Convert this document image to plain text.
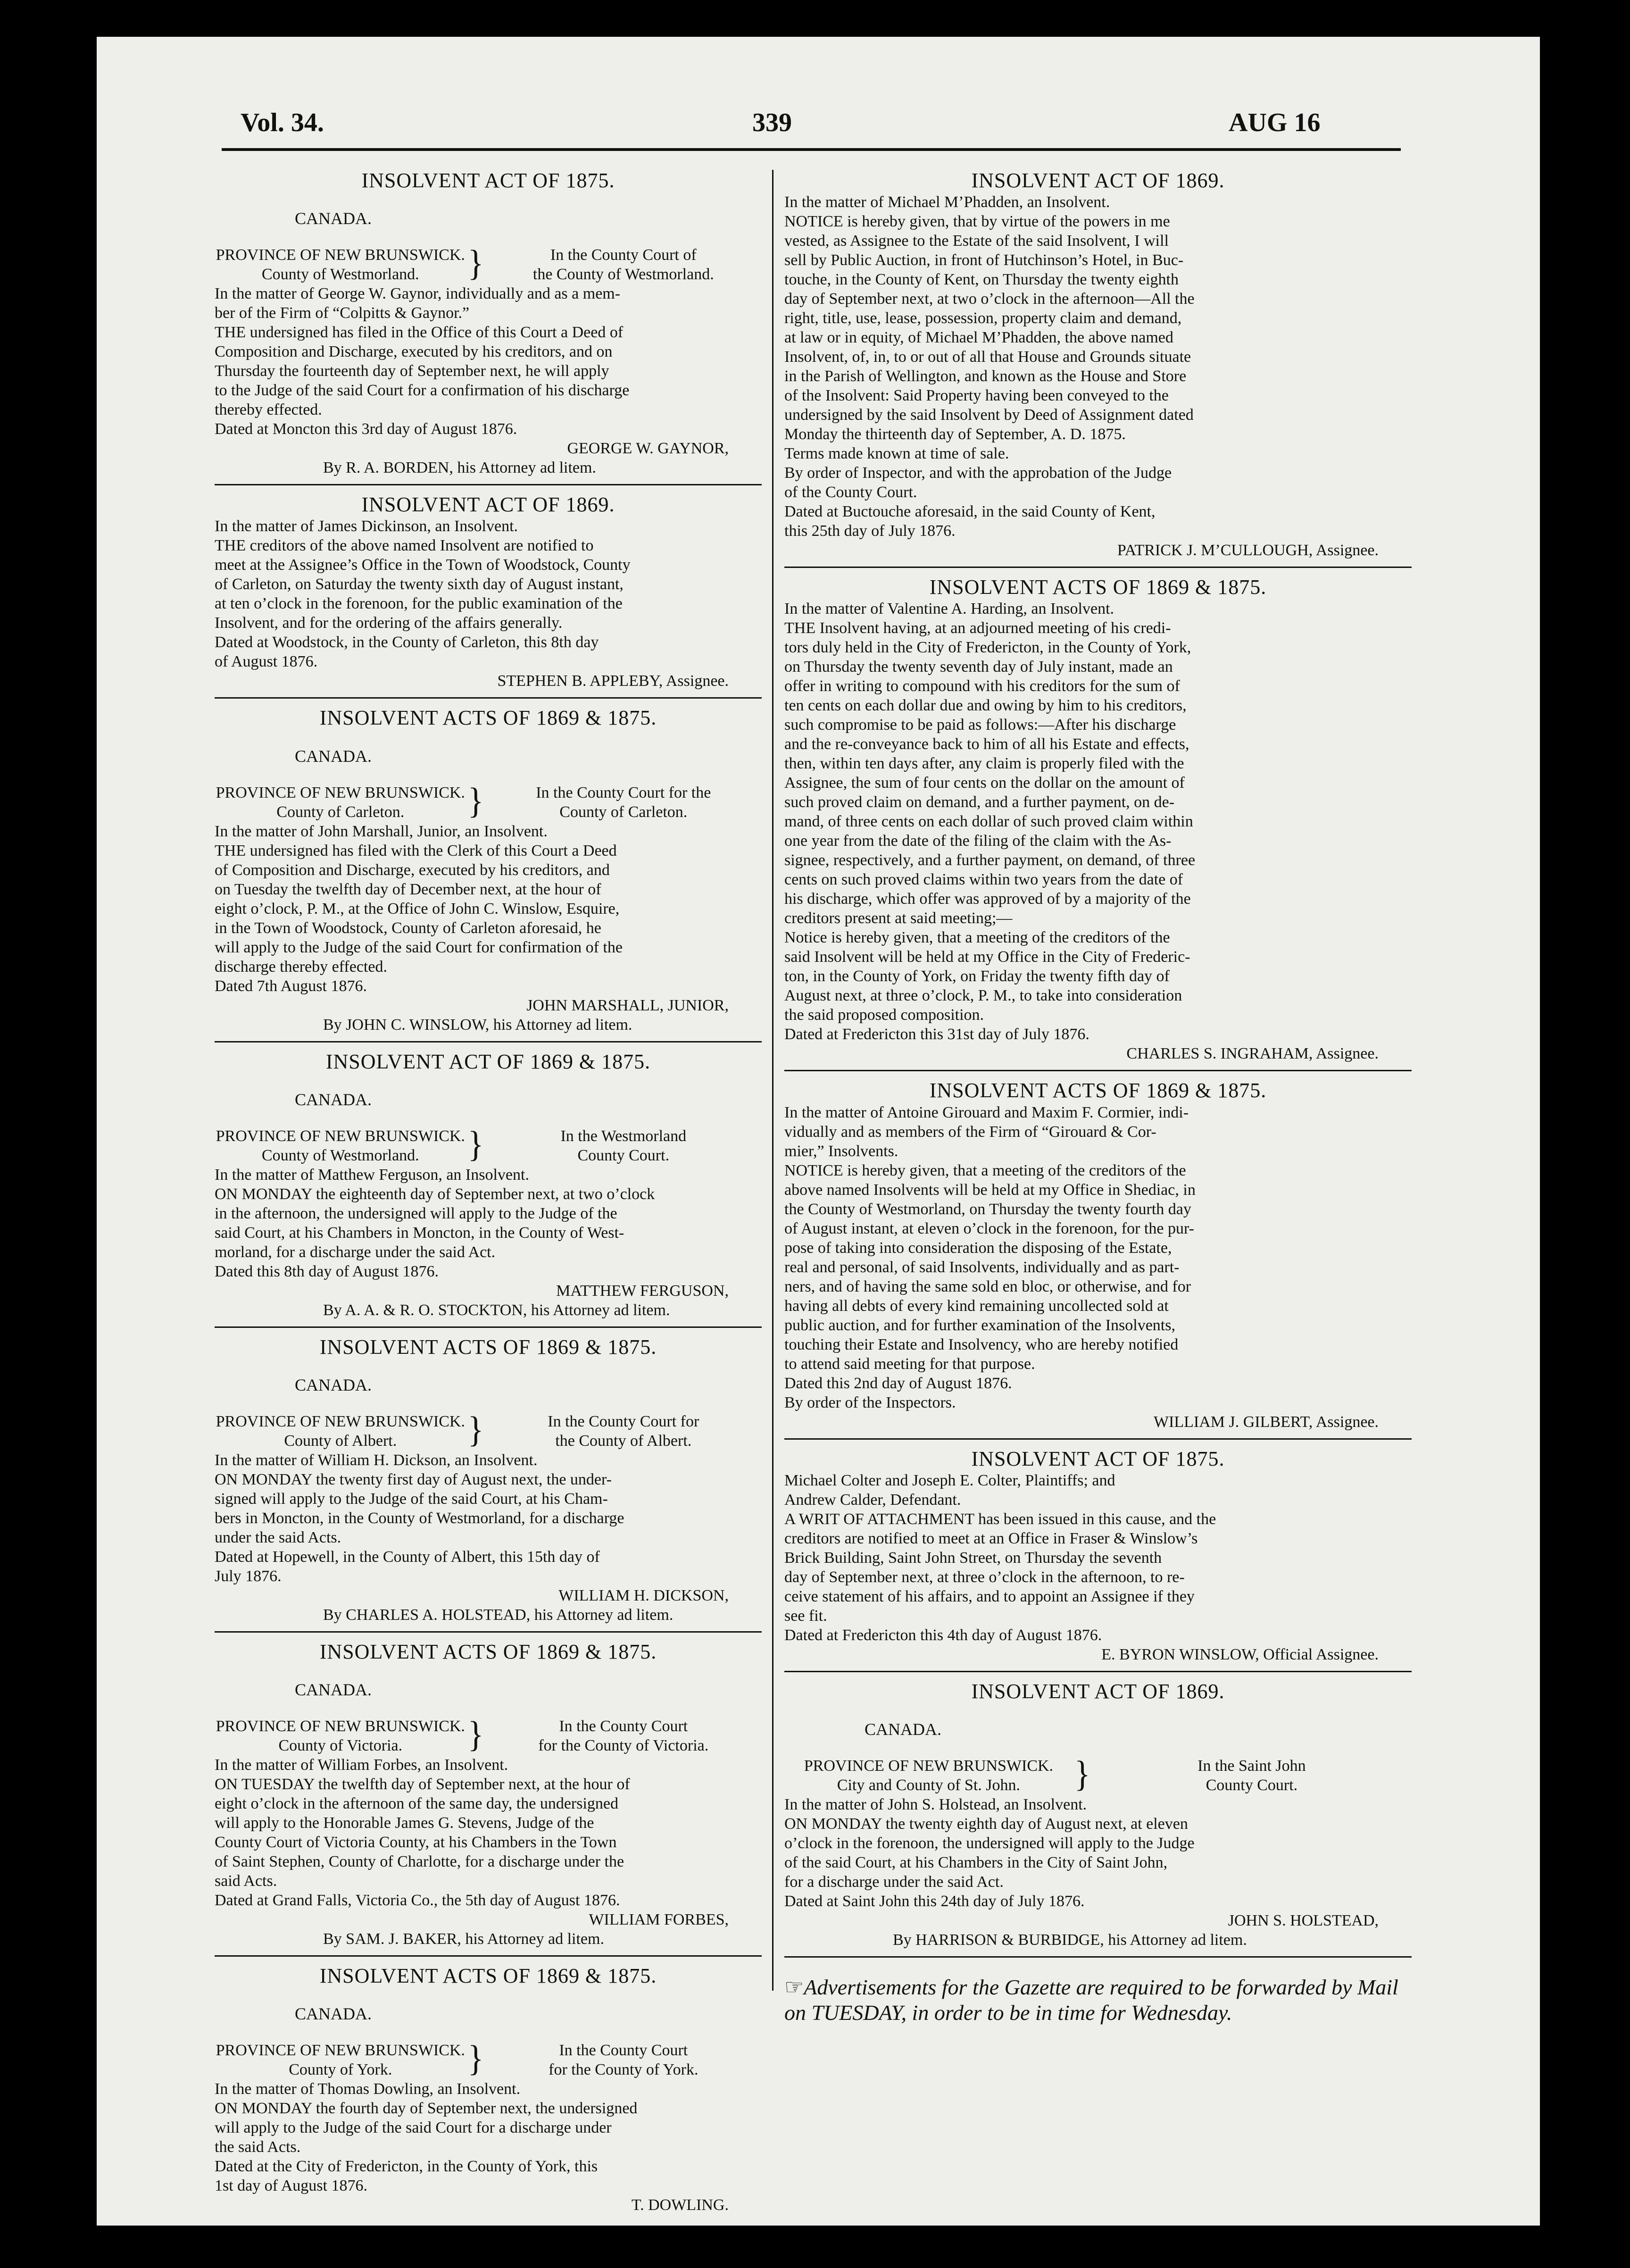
Vol. 34.	339	AUG 16

INSOLVENT ACT OF 1875.

CANADA.

PROVINCE OF NEW BRUNSWICK.
County of Westmorland.	}	In the County Court of
the County of Westmorland.

In the matter of George W. Gaynor, individually and as a mem-

ber of the Firm of “Colpitts & Gaynor.”

THE undersigned has filed in the Office of this Court a Deed of

Composition and Discharge, executed by his creditors, and on

Thursday the fourteenth day of September next, he will apply

to the Judge of the said Court for a confirmation of his discharge

thereby effected.

Dated at Moncton this 3rd day of August 1876.

GEORGE W. GAYNOR,

By R. A. BORDEN, his Attorney ad litem.

INSOLVENT ACT OF 1869.

In the matter of James Dickinson, an Insolvent.

THE creditors of the above named Insolvent are notified to

meet at the Assignee’s Office in the Town of Woodstock, County

of Carleton, on Saturday the twenty sixth day of August instant,

at ten o’clock in the forenoon, for the public examination of the

Insolvent, and for the ordering of the affairs generally.

Dated at Woodstock, in the County of Carleton, this 8th day

of August 1876.

STEPHEN B. APPLEBY, Assignee.

INSOLVENT ACTS OF 1869 & 1875.

CANADA.

PROVINCE OF NEW BRUNSWICK.
County of Carleton.	}	In the County Court for the
County of Carleton.

In the matter of John Marshall, Junior, an Insolvent.

THE undersigned has filed with the Clerk of this Court a Deed

of Composition and Discharge, executed by his creditors, and

on Tuesday the twelfth day of December next, at the hour of

eight o’clock, P. M., at the Office of John C. Winslow, Esquire,

in the Town of Woodstock, County of Carleton aforesaid, he

will apply to the Judge of the said Court for confirmation of the

discharge thereby effected.

Dated 7th August 1876.

JOHN MARSHALL, JUNIOR,

By JOHN C. WINSLOW, his Attorney ad litem.

INSOLVENT ACT OF 1869 & 1875.

CANADA.

PROVINCE OF NEW BRUNSWICK.
County of Westmorland.	}	In the Westmorland
County Court.

In the matter of Matthew Ferguson, an Insolvent.

ON MONDAY the eighteenth day of September next, at two o’clock

in the afternoon, the undersigned will apply to the Judge of the

said Court, at his Chambers in Moncton, in the County of West-

morland, for a discharge under the said Act.

Dated this 8th day of August 1876.

MATTHEW FERGUSON,

By A. A. & R. O. STOCKTON, his Attorney ad litem.

INSOLVENT ACTS OF 1869 & 1875.

CANADA.

PROVINCE OF NEW BRUNSWICK.
County of Albert.	}	In the County Court for
the County of Albert.

In the matter of William H. Dickson, an Insolvent.

ON MONDAY the twenty first day of August next, the under-

signed will apply to the Judge of the said Court, at his Cham-

bers in Moncton, in the County of Westmorland, for a discharge

under the said Acts.

Dated at Hopewell, in the County of Albert, this 15th day of

July 1876.

WILLIAM H. DICKSON,

By CHARLES A. HOLSTEAD, his Attorney ad litem.

INSOLVENT ACTS OF 1869 & 1875.

CANADA.

PROVINCE OF NEW BRUNSWICK.
County of Victoria.	}	In the County Court
for the County of Victoria.

In the matter of William Forbes, an Insolvent.

ON TUESDAY the twelfth day of September next, at the hour of

eight o’clock in the afternoon of the same day, the undersigned

will apply to the Honorable James G. Stevens, Judge of the

County Court of Victoria County, at his Chambers in the Town

of Saint Stephen, County of Charlotte, for a discharge under the

said Acts.

Dated at Grand Falls, Victoria Co., the 5th day of August 1876.

WILLIAM FORBES,

By SAM. J. BAKER, his Attorney ad litem.

INSOLVENT ACTS OF 1869 & 1875.

CANADA.

PROVINCE OF NEW BRUNSWICK.
County of York.	}	In the County Court
for the County of York.

In the matter of Thomas Dowling, an Insolvent.

ON MONDAY the fourth day of September next, the undersigned

will apply to the Judge of the said Court for a discharge under

the said Acts.

Dated at the City of Fredericton, in the County of York, this

1st day of August 1876.

T. DOWLING.

INSOLVENT ACT OF 1869.

In the matter of Michael M’Phadden, an Insolvent.

NOTICE is hereby given, that by virtue of the powers in me

vested, as Assignee to the Estate of the said Insolvent, I will

sell by Public Auction, in front of Hutchinson’s Hotel, in Buc-

touche, in the County of Kent, on Thursday the twenty eighth

day of September next, at two o’clock in the afternoon—All the

right, title, use, lease, possession, property claim and demand,

at law or in equity, of Michael M’Phadden, the above named

Insolvent, of, in, to or out of all that House and Grounds situate

in the Parish of Wellington, and known as the House and Store

of the Insolvent: Said Property having been conveyed to the

undersigned by the said Insolvent by Deed of Assignment dated

Monday the thirteenth day of September, A. D. 1875.

Terms made known at time of sale.

By order of Inspector, and with the approbation of the Judge

of the County Court.

Dated at Buctouche aforesaid, in the said County of Kent,

this 25th day of July 1876.

PATRICK J. M’CULLOUGH, Assignee.

INSOLVENT ACTS OF 1869 & 1875.

In the matter of Valentine A. Harding, an Insolvent.

THE Insolvent having, at an adjourned meeting of his credi-

tors duly held in the City of Fredericton, in the County of York,

on Thursday the twenty seventh day of July instant, made an

offer in writing to compound with his creditors for the sum of

ten cents on each dollar due and owing by him to his creditors,

such compromise to be paid as follows:—After his discharge

and the re-conveyance back to him of all his Estate and effects,

then, within ten days after, any claim is properly filed with the

Assignee, the sum of four cents on the dollar on the amount of

such proved claim on demand, and a further payment, on de-

mand, of three cents on each dollar of such proved claim within

one year from the date of the filing of the claim with the As-

signee, respectively, and a further payment, on demand, of three

cents on such proved claims within two years from the date of

his discharge, which offer was approved of by a majority of the

creditors present at said meeting;—

Notice is hereby given, that a meeting of the creditors of the

said Insolvent will be held at my Office in the City of Frederic-

ton, in the County of York, on Friday the twenty fifth day of

August next, at three o’clock, P. M., to take into consideration

the said proposed composition.

Dated at Fredericton this 31st day of July 1876.

CHARLES S. INGRAHAM, Assignee.

INSOLVENT ACTS OF 1869 & 1875.

In the matter of Antoine Girouard and Maxim F. Cormier, indi-

vidually and as members of the Firm of “Girouard & Cor-

mier,” Insolvents.

NOTICE is hereby given, that a meeting of the creditors of the

above named Insolvents will be held at my Office in Shediac, in

the County of Westmorland, on Thursday the twenty fourth day

of August instant, at eleven o’clock in the forenoon, for the pur-

pose of taking into consideration the disposing of the Estate,

real and personal, of said Insolvents, individually and as part-

ners, and of having the same sold en bloc, or otherwise, and for

having all debts of every kind remaining uncollected sold at

public auction, and for further examination of the Insolvents,

touching their Estate and Insolvency, who are hereby notified

to attend said meeting for that purpose.

Dated this 2nd day of August 1876.

By order of the Inspectors.

WILLIAM J. GILBERT, Assignee.

INSOLVENT ACT OF 1875.

Michael Colter and Joseph E. Colter, Plaintiffs; and

Andrew Calder, Defendant.

A WRIT OF ATTACHMENT has been issued in this cause, and the

creditors are notified to meet at an Office in Fraser & Winslow’s

Brick Building, Saint John Street, on Thursday the seventh

day of September next, at three o’clock in the afternoon, to re-

ceive statement of his affairs, and to appoint an Assignee if they

see fit.

Dated at Fredericton this 4th day of August 1876.

E. BYRON WINSLOW, Official Assignee.

INSOLVENT ACT OF 1869.

CANADA.

PROVINCE OF NEW BRUNSWICK.
City and County of St. John.	}	In the Saint John
County Court.

In the matter of John S. Holstead, an Insolvent.

ON MONDAY the twenty eighth day of August next, at eleven

o’clock in the forenoon, the undersigned will apply to the Judge

of the said Court, at his Chambers in the City of Saint John,

for a discharge under the said Act.

Dated at Saint John this 24th day of July 1876.

JOHN S. HOLSTEAD,

By HARRISON & BURBIDGE, his Attorney ad litem.

☞Advertisements for the Gazette are required to be forwarded by Mail on TUESDAY, in order to be in time for Wednesday.
